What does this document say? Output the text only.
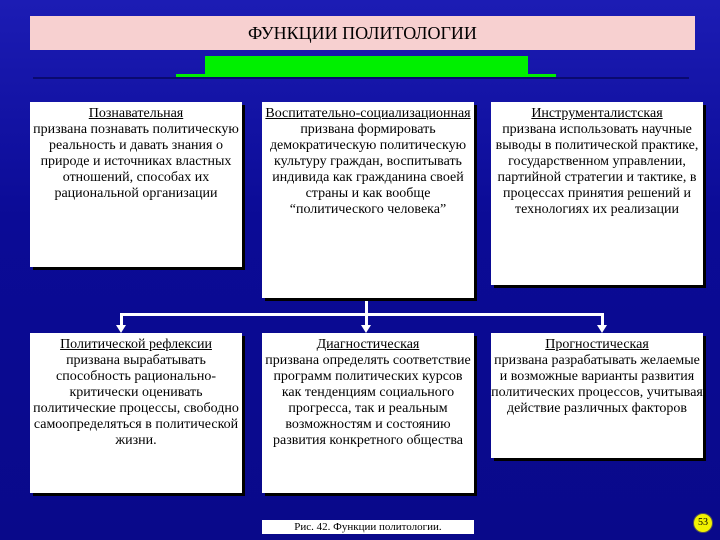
ФУНКЦИИ ПОЛИТОЛОГИИ
Познавательная
призвана познавать политическую реальность и давать знания о природе и источниках властных отношений, способах их рациональной организации
Воспитательно-социализационная
призвана формировать демократическую политическую культуру граждан, воспитывать индивида как гражданина своей страны и как вообще “политического человека”
Инструменталистская
призвана использовать научные выводы в политической практике, государственном управлении, партийной стратегии и тактике, в процессах принятия решений и технологиях их реализации
Политической рефлексии
призвана вырабатывать способность рационально-критически оценивать политические процессы, свободно самоопределяться в политической жизни.
Диагностическая
призвана определять соответствие программ политических курсов как тенденциям социального прогресса, так и реальным возможностям и состоянию развития конкретного общества
Прогностическая
призвана разрабатывать желаемые и возможные варианты развития политических процессов, учитывая действие различных факторов
Рис. 42. Функции политологии.	53
